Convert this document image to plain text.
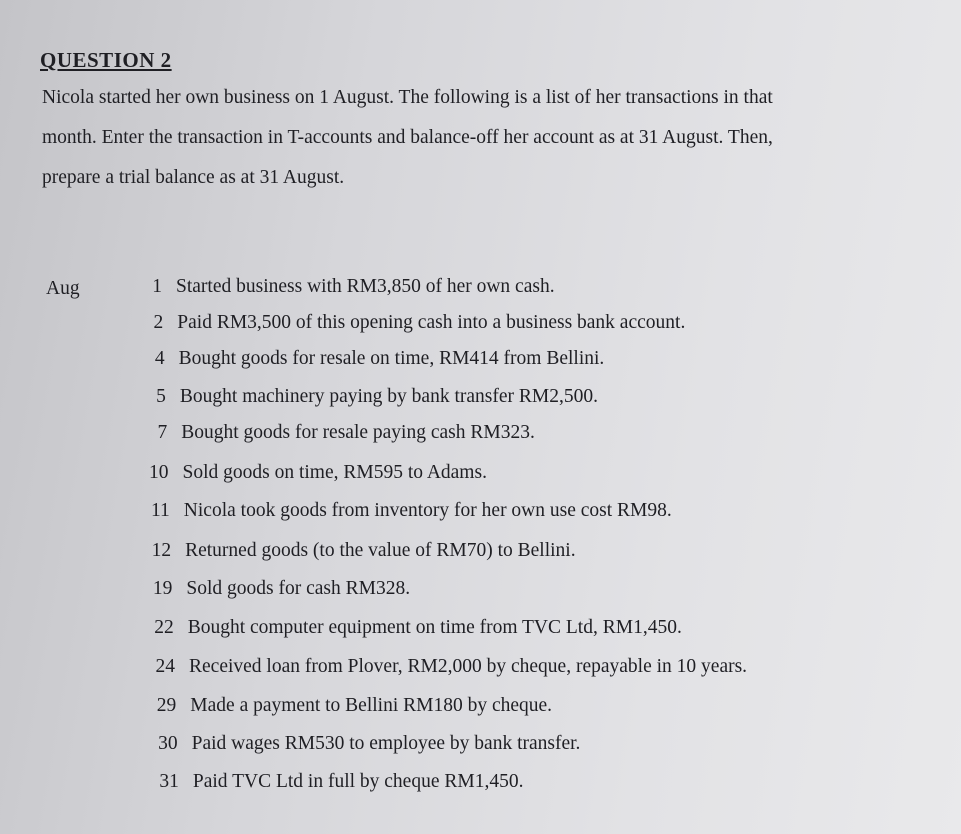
QUESTION 2
Nicola started her own business on 1 August. The following is a list of her transactions in that
month. Enter the transaction in T-accounts and balance-off her account as at 31 August. Then,
prepare a trial balance as at 31 August.
Aug	1 Started business with RM3,850 of her own cash.
2 Paid RM3,500 of this opening cash into a business bank account.
4 Bought goods for resale on time, RM414 from Bellini.
5 Bought machinery paying by bank transfer RM2,500.
7 Bought goods for resale paying cash RM323.
10 Sold goods on time, RM595 to Adams.
11 Nicola took goods from inventory for her own use cost RM98.
12 Returned goods (to the value of RM70) to Bellini.
19 Sold goods for cash RM328.
22 Bought computer equipment on time from TVC Ltd, RM1,450.
24 Received loan from Plover, RM2,000 by cheque, repayable in 10 years.
29 Made a payment to Bellini RM180 by cheque.
30 Paid wages RM530 to employee by bank transfer.
31 Paid TVC Ltd in full by cheque RM1,450.
